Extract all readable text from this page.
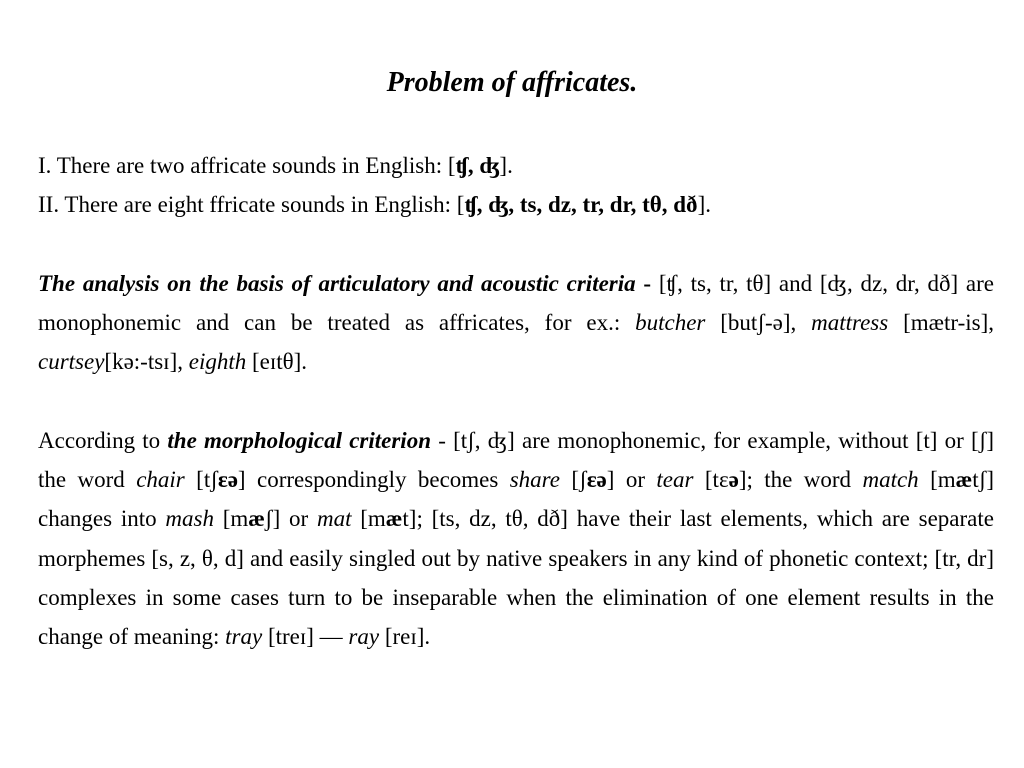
Problem of affricates.
I. There are two affricate sounds in English: [ʧ, ʤ].
II. There are eight ffricate sounds in English: [ʧ, ʤ, ts, dz, tr, dr, tθ, dð].
The analysis on the basis of articulatory and acoustic criteria - [ʧ, ts, tr, tθ] and [ʤ, dz, dr, dð] are monophonemic and can be treated as affricates, for ex.: butcher [butʃ-ə], mattress [mætr-is], curtsey[kə:-tsɪ], eighth [eɪtθ].
According to the morphological criterion - [tʃ, ʤ] are monophonemic, for example, without [t] or [ʃ] the word chair [tʃɛə] correspondingly becomes share [ʃɛə] or tear [tɛə]; the word match [mætʃ] changes into mash [mæʃ] or mat [mæt]; [ts, dz, tθ, dð] have their last elements, which are separate morphemes [s, z, θ, d] and easily singled out by native speakers in any kind of phonetic context; [tr, dr] complexes in some cases turn to be inseparable when the elimination of one element results in the change of meaning: tray [treɪ] — ray [reɪ].
